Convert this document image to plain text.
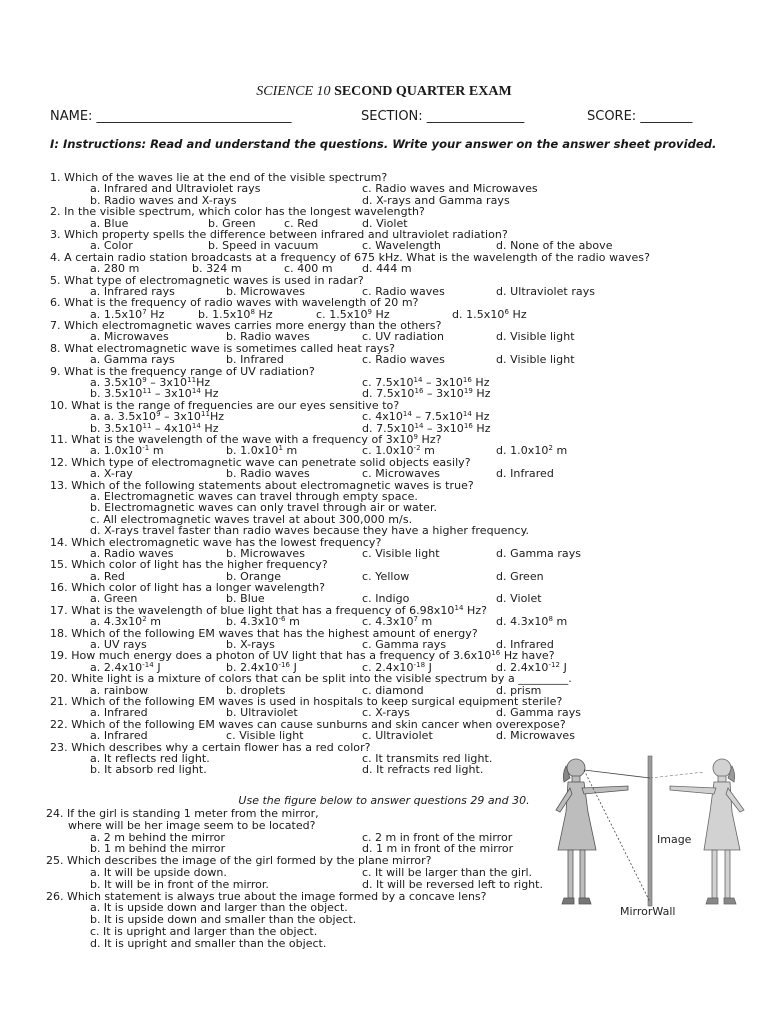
SCIENCE 10 SECOND QUARTER EXAM
NAME: ______________________________	SECTION: _______________	SCORE: ________
I: Instructions: Read and understand the questions. Write your answer on the answer sheet provided.
1. Which of the waves lie at the end of the visible spectrum?
a. Infrared and Ultraviolet rays	c. Radio waves and Microwaves
b. Radio waves and X-rays	d. X-rays and Gamma rays
2. In the visible spectrum, which color has the longest wavelength?
a. Blue	b. Green	c. Red	d. Violet
3. Which property spells the difference between infrared and ultraviolet radiation?
a. Color	b. Speed in vacuum	c. Wavelength	d. None of the above
4. A certain radio station broadcasts at a frequency of 675 kHz. What is the wavelength of the radio waves?
a. 280 m	b. 324 m	c. 400 m	d. 444 m
5. What type of electromagnetic waves is used in radar?
a. Infrared rays	b. Microwaves	c. Radio waves	d. Ultraviolet rays
6. What is the frequency of radio waves with wavelength of 20 m?
a. $1.5x10^7$ Hz	b. $1.5x10^8$ Hz	c. $1.5x10^9$ Hz	d. $1.5x10^6$ Hz
7. Which electromagnetic waves carries more energy than the others?
a. Microwaves	b. Radio waves	c. UV radiation	d. Visible light
8. What electromagnetic wave is sometimes called heat rays?
a. Gamma rays	b. Infrared	c. Radio waves	d. Visible light
9. What is the frequency range of UV radiation?
a. $3.5x10^9 - 3x10^{11}Hz$	c. $7.5x10^{14} - 3x10^{16}$ Hz
b. $3.5x10^{11} - 3x10^{14}$ Hz	d. $7.5x10^{16} - 3x10^{19}$ Hz
10. What is the range of frequencies are our eyes sensitive to?
a. a. $3.5x10^9 - 3x10^{11}Hz$	c. $4x10^{14} - 7.5x10^{14}$ Hz
b. $3.5x10^{11} - 4x10^{14}$ Hz	d. $7.5x10^{14} - 3x10^{16}$ Hz
11. What is the wavelength of the wave with a frequency of $3x10^9$ Hz?
a. $1.0x10^{-1}$ m	b. $1.0x10^1$ m	c. $1.0x10^{-2}$ m	d. $1.0x10^2$ m
12. Which type of electromagnetic wave can penetrate solid objects easily?
a. X-ray	b. Radio waves	c. Microwaves	d. Infrared
13. Which of the following statements about electromagnetic waves is true?
a. Electromagnetic waves can travel through empty space.
b. Electromagnetic waves can only travel through air or water.
c. All electromagnetic waves travel at about 300,000 m/s.
d. X-rays travel faster than radio waves because they have a higher frequency.
14. Which electromagnetic wave has the lowest frequency?
a. Radio waves	b. Microwaves	c. Visible light	d. Gamma rays
15. Which color of light has the higher frequency?
a. Red	b. Orange	c. Yellow	d. Green
16. Which color of light has a longer wavelength?
a. Green	b. Blue	c. Indigo	d. Violet
17. What is the wavelength of blue light that has a frequency of $6.98x10^{14}$ Hz?
a. $4.3x10^2$ m	b. $4.3x10^{-6}$ m	c. $4.3x10^7$ m	d. $4.3x10^8$ m
18. Which of the following EM waves that has the highest amount of energy?
a. UV rays	b. X-rays	c. Gamma rays	d. Infrared
19. How much energy does a photon of UV light that has a frequency of $3.6x10^{16}$ Hz have?
a. $2.4x10^{-14}$ J	b. $2.4x10^{-16}$ J	c. $2.4x10^{-18}$ J	d. $2.4x10^{-12}$ J
20. White light is a mixture of colors that can be split into the visible spectrum by a _________.
a. rainbow	b. droplets	c. diamond	d. prism
21. Which of the following EM waves is used in hospitals to keep surgical equipment sterile?
a. Infrared	b. Ultraviolet	c. X-rays	d. Gamma rays
22. Which of the following EM waves can cause sunburns and skin cancer when overexpose?
a. Infrared	c. Visible light	c. Ultraviolet	d. Microwaves
23. Which describes why a certain flower has a red color?
a. It reflects red light.	c. It transmits red light.
b. It absorb red light.	d. It refracts red light.
Use the figure below to answer questions 29 and 30.
24. If the girl is standing 1 meter from the mirror,
where will be her image seem to be located?
a. 2 m behind the mirror	c. 2 m in front of the mirror
b. 1 m behind the mirror	d. 1 m in front of the mirror
25. Which describes the image of the girl formed by the plane mirror?
a. It will be upside down.	c. It will be larger than the girl.
b. It will be in front of the mirror.	d. It will be reversed left to right.
26. Which statement is always true about the image formed by a concave lens?
a. It is upside down and larger than the object.
b. It is upside down and smaller than the object.
c. It is upright and larger than the object.
d. It is upright and smaller than the object.
Image
MirrorWall
